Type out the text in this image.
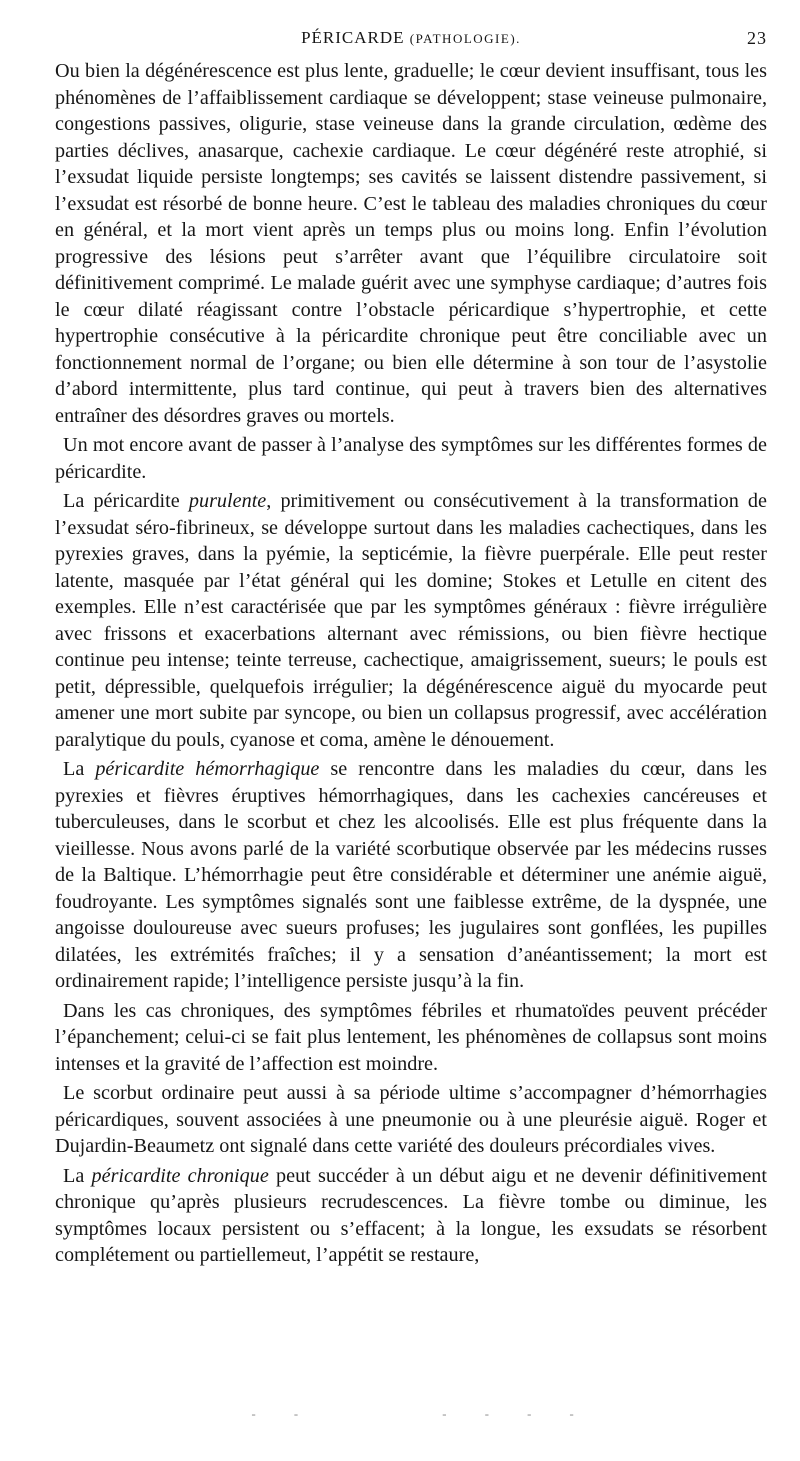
PÉRICARDE (PATHOLOGIE).	23

Ou bien la dégénérescence est plus lente, graduelle; le cœur devient insuffisant, tous les phénomènes de l’affaiblissement cardiaque se développent; stase veineuse pulmonaire, congestions passives, oligurie, stase veineuse dans la grande circulation, œdème des parties déclives, anasarque, cachexie cardiaque. Le cœur dégénéré reste atrophié, si l’exsudat liquide persiste longtemps; ses cavités se laissent distendre passivement, si l’exsudat est résorbé de bonne heure. C’est le tableau des maladies chroniques du cœur en général, et la mort vient après un temps plus ou moins long. Enfin l’évolution progressive des lésions peut s’arrêter avant que l’équilibre circulatoire soit définitivement comprimé. Le malade guérit avec une symphyse cardiaque; d’autres fois le cœur dilaté réagissant contre l’obstacle péricardique s’hypertrophie, et cette hypertrophie consécutive à la péricardite chronique peut être conciliable avec un fonctionnement normal de l’organe; ou bien elle détermine à son tour de l’asystolie d’abord intermittente, plus tard continue, qui peut à travers bien des alternatives entraîner des désordres graves ou mortels.

Un mot encore avant de passer à l’analyse des symptômes sur les différentes formes de péricardite.

La péricardite purulente, primitivement ou consécutivement à la transformation de l’exsudat séro-fibrineux, se développe surtout dans les maladies cachectiques, dans les pyrexies graves, dans la pyémie, la septicémie, la fièvre puerpérale. Elle peut rester latente, masquée par l’état général qui les domine; Stokes et Letulle en citent des exemples. Elle n’est caractérisée que par les symptômes généraux : fièvre irrégulière avec frissons et exacerbations alternant avec rémissions, ou bien fièvre hectique continue peu intense; teinte terreuse, cachectique, amaigrissement, sueurs; le pouls est petit, dépressible, quelquefois irrégulier; la dégénérescence aiguë du myocarde peut amener une mort subite par syncope, ou bien un collapsus progressif, avec accélération paralytique du pouls, cyanose et coma, amène le dénouement.

La péricardite hémorrhagique se rencontre dans les maladies du cœur, dans les pyrexies et fièvres éruptives hémorrhagiques, dans les cachexies cancéreuses et tuberculeuses, dans le scorbut et chez les alcoolisés. Elle est plus fréquente dans la vieillesse. Nous avons parlé de la variété scorbutique observée par les médecins russes de la Baltique. L’hémorrhagie peut être considérable et déterminer une anémie aiguë, foudroyante. Les symptômes signalés sont une faiblesse extrême, de la dyspnée, une angoisse douloureuse avec sueurs profuses; les jugulaires sont gonflées, les pupilles dilatées, les extrémités fraîches; il y a sensation d’anéantissement; la mort est ordinairement rapide; l’intelligence persiste jusqu’à la fin.

Dans les cas chroniques, des symptômes fébriles et rhumatoïdes peuvent précéder l’épanchement; celui-ci se fait plus lentement, les phénomènes de collapsus sont moins intenses et la gravité de l’affection est moindre.

Le scorbut ordinaire peut aussi à sa période ultime s’accompagner d’hémorrhagies péricardiques, souvent associées à une pneumonie ou à une pleurésie aiguë. Roger et Dujardin-Beaumetz ont signalé dans cette variété des douleurs précordiales vives.

La péricardite chronique peut succéder à un début aigu et ne devenir définitivement chronique qu’après plusieurs recrudescences. La fièvre tombe ou diminue, les symptômes locaux persistent ou s’effacent; à la longue, les exsudats se résorbent complétement ou partiellemeut, l’appétit se restaure,

- -      - - - -
